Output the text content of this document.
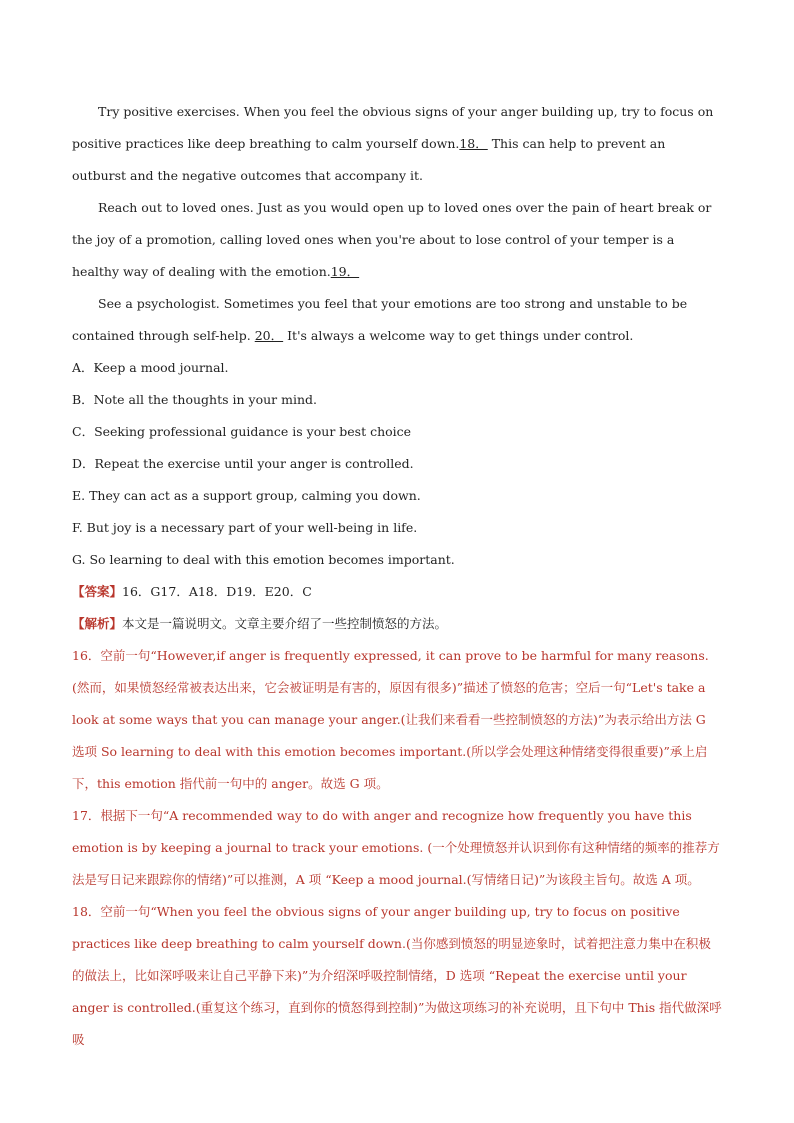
Try positive exercises. When you feel the obvious signs of your anger building up, try to focus on positive practices like deep breathing to calm yourself down.18． This can help to prevent an outburst and the negative outcomes that accompany it.

Reach out to loved ones. Just as you would open up to loved ones over the pain of heart break or the joy of a promotion, calling loved ones when you're about to lose control of your temper is a healthy way of dealing with the emotion.19．

See a psychologist. Sometimes you feel that your emotions are too strong and unstable to be contained through self-help. 20． It's always a welcome way to get things under control.

A．Keep a mood journal.

B．Note all the thoughts in your mind.

C．Seeking professional guidance is your best choice

D．Repeat the exercise until your anger is controlled.

E. They can act as a support group, calming you down.

F. But joy is a necessary part of your well-being in life.

G. So learning to deal with this emotion becomes important.

【答案】16．G17．A18．D19．E20．C

【解析】本文是一篇说明文。文章主要介绍了一些控制愤怒的方法。

16．空前一句“However,if anger is frequently expressed, it can prove to be harmful for many reasons.(然而，如果愤怒经常被表达出来，它会被证明是有害的，原因有很多)”描述了愤怒的危害；空后一句“Let's take a look at some ways that you can manage your anger.(让我们来看看一些控制愤怒的方法)”为表示给出方法 G 选项 So learning to deal with this emotion becomes important.(所以学会处理这种情绪变得很重要)”承上启下，this emotion 指代前一句中的 anger。故选 G 项。

17．根据下一句“A recommended way to do with anger and recognize how frequently you have this emotion is by keeping a journal to track your emotions. (一个处理愤怒并认识到你有这种情绪的频率的推荐方法是写日记来跟踪你的情绪)”可以推测，A 项 “Keep a mood journal.(写情绪日记)”为该段主旨句。故选 A 项。

18．空前一句“When you feel the obvious signs of your anger building up, try to focus on positive practices like deep breathing to calm yourself down.(当你感到愤怒的明显迹象时，试着把注意力集中在积极的做法上，比如深呼吸来让自己平静下来)”为介绍深呼吸控制情绪，D 选项 “Repeat the exercise until your anger is controlled.(重复这个练习，直到你的愤怒得到控制)”为做这项练习的补充说明，且下句中 This 指代做深呼吸
